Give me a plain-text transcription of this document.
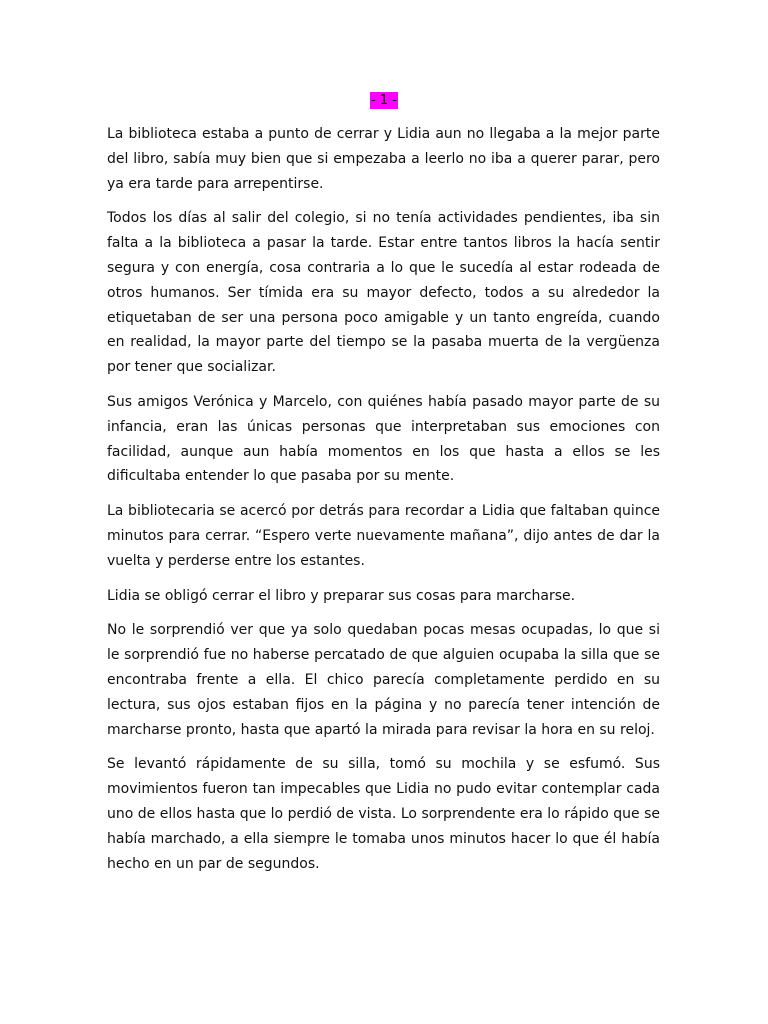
- 1 -

La biblioteca estaba a punto de cerrar y Lidia aun no llegaba a la mejor parte del libro, sabía muy bien que si empezaba a leerlo no iba a querer parar, pero ya era tarde para arrepentirse.

Todos los días al salir del colegio, si no tenía actividades pendientes, iba sin falta a la biblioteca a pasar la tarde. Estar entre tantos libros la hacía sentir segura y con energía, cosa contraria a lo que le sucedía al estar rodeada de otros humanos. Ser tímida era su mayor defecto, todos a su alrededor la etiquetaban de ser una persona poco amigable y un tanto engreída, cuando en realidad, la mayor parte del tiempo se la pasaba muerta de la vergüenza por tener que socializar.

Sus amigos Verónica y Marcelo, con quiénes había pasado mayor parte de su infancia, eran las únicas personas que interpretaban sus emociones con facilidad, aunque aun había momentos en los que hasta a ellos se les dificultaba entender lo que pasaba por su mente.

La bibliotecaria se acercó por detrás para recordar a Lidia que faltaban quince minutos para cerrar. “Espero verte nuevamente mañana”, dijo antes de dar la vuelta y perderse entre los estantes.

Lidia se obligó cerrar el libro y preparar sus cosas para marcharse.

No le sorprendió ver que ya solo quedaban pocas mesas ocupadas, lo que si le sorprendió fue no haberse percatado de que alguien ocupaba la silla que se encontraba frente a ella. El chico parecía completamente perdido en su lectura, sus ojos estaban fijos en la página y no parecía tener intención de marcharse pronto, hasta que apartó la mirada para revisar la hora en su reloj.

Se levantó rápidamente de su silla, tomó su mochila y se esfumó. Sus movimientos fueron tan impecables que Lidia no pudo evitar contemplar cada uno de ellos hasta que lo perdió de vista. Lo sorprendente era lo rápido que se había marchado, a ella siempre le tomaba unos minutos hacer lo que él había hecho en un par de segundos.
